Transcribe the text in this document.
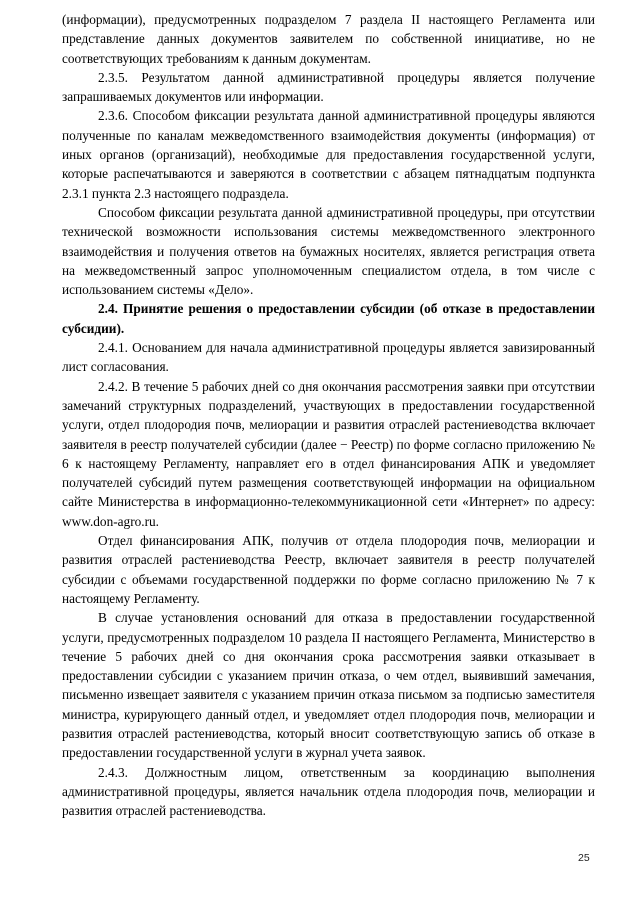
(информации), предусмотренных подразделом 7 раздела II настоящего Регламента или представление данных документов заявителем по собственной инициативе, но не соответствующих требованиям к данным документам.

2.3.5. Результатом данной административной процедуры является получение запрашиваемых документов или информации.

2.3.6. Способом фиксации результата данной административной процедуры являются полученные по каналам межведомственного взаимодействия документы (информация) от иных органов (организаций), необходимые для предоставления государственной услуги, которые распечатываются и заверяются в соответствии с абзацем пятнадцатым подпункта 2.3.1 пункта 2.3 настоящего подраздела.

Способом фиксации результата данной административной процедуры, при отсутствии технической возможности использования системы межведомственного электронного взаимодействия и получения ответов на бумажных носителях, является регистрация ответа на межведомственный запрос уполномоченным специалистом отдела, в том числе с использованием системы «Дело».

2.4. Принятие решения о предоставлении субсидии (об отказе в предоставлении субсидии).

2.4.1. Основанием для начала административной процедуры является завизированный лист согласования.

2.4.2. В течение 5 рабочих дней со дня окончания рассмотрения заявки при отсутствии замечаний структурных подразделений, участвующих в предоставлении государственной услуги, отдел плодородия почв, мелиорации и развития отраслей растениеводства включает заявителя в реестр получателей субсидии (далее − Реестр) по форме согласно приложению № 6 к настоящему Регламенту, направляет его в отдел финансирования АПК и уведомляет получателей субсидий путем размещения соответствующей информации на официальном сайте Министерства в информационно-телекоммуникационной сети «Интернет» по адресу: www.don-agro.ru.

Отдел финансирования АПК, получив от отдела плодородия почв, мелиорации и развития отраслей растениеводства Реестр, включает заявителя в реестр получателей субсидии с объемами государственной поддержки по форме согласно приложению № 7 к настоящему Регламенту.

В случае установления оснований для отказа в предоставлении государственной услуги, предусмотренных подразделом 10 раздела II настоящего Регламента, Министерство в течение 5 рабочих дней со дня окончания срока рассмотрения заявки отказывает в предоставлении субсидии с указанием причин отказа, о чем отдел, выявивший замечания, письменно извещает заявителя с указанием причин отказа письмом за подписью заместителя министра, курирующего данный отдел, и уведомляет отдел плодородия почв, мелиорации и развития отраслей растениеводства, который вносит соответствующую запись об отказе в предоставлении государственной услуги в журнал учета заявок.

2.4.3. Должностным лицом, ответственным за координацию выполнения административной процедуры, является начальник отдела плодородия почв, мелиорации и развития отраслей растениеводства.

25
